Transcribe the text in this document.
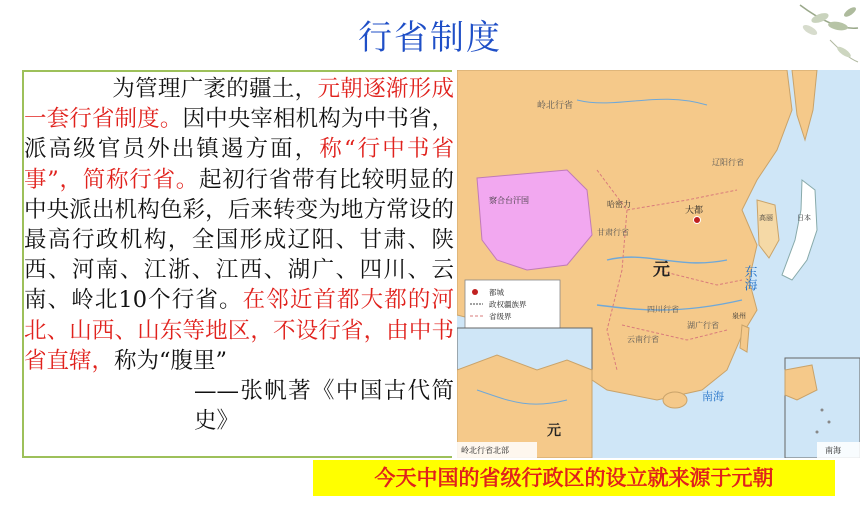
行省制度
为管理广袤的疆土，元朝逐渐形成一套行省制度。因中央宰相机构为中书省，派高级官员外出镇遏方面，称“行中书省事”，简称行省。起初行省带有比较明显的中央派出机构色彩，后来转变为地方常设的最高行政机构，全国形成辽阳、甘肃、陕西、河南、江浙、江西、湖广、四川、云南、岭北10个行省。在邻近首都大都的河北、山西、山东等地区，不设行省，由中书省直辖，称为“腹里”
——张帆著《中国古代简史》
大都
察合台汗国	哈密力
元
岭北行省
甘肃行省
四川行省
云南行省
湖广行省
辽阳行省
高丽	日本
泉州
东海
南海
都城
政权疆族界
省级界
元
岭北行省北部	南海
今天中国的省级行政区的设立就来源于元朝
